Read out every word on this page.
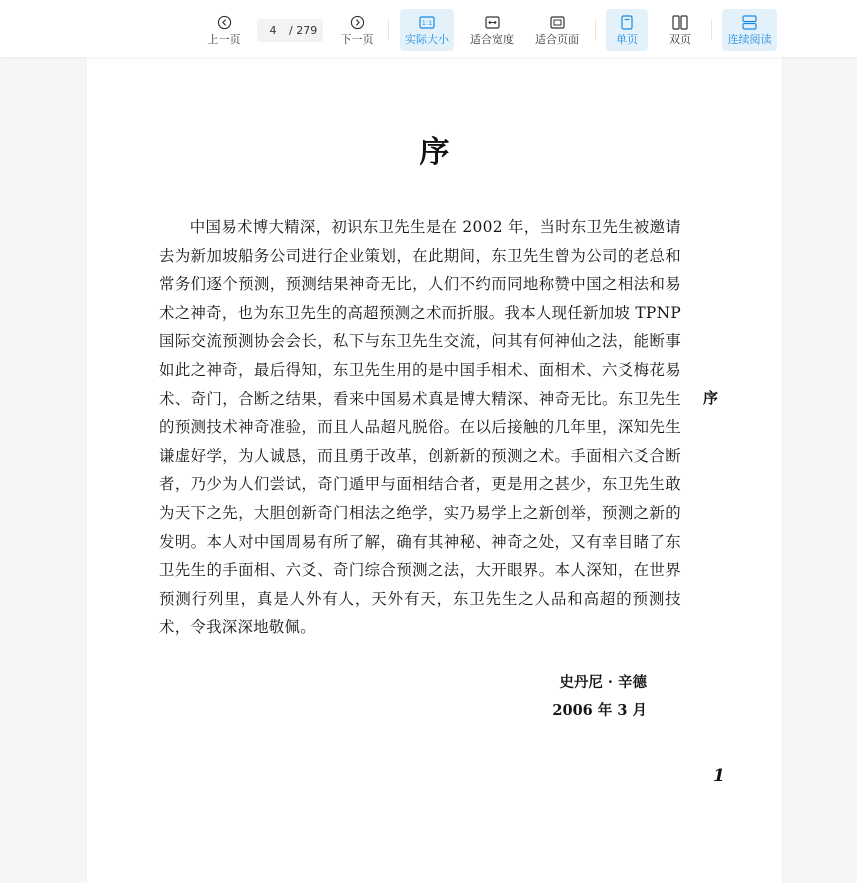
上一页
4
/ 279
下一页
1:1
实际大小 适合宽度 适合页面	单页	双页	连续阅读
序

中国易术博大精深，初识东卫先生是在 2002 年，当时东卫先生被邀请去为新加坡船务公司进行企业策划，在此期间，东卫先生曾为公司的老总和常务们逐个预测，预测结果神奇无比，人们不约而同地称赞中国之相法和易术之神奇，也为东卫先生的高超预测之术而折服。我本人现任新加坡 TPNP 国际交流预测协会会长，私下与东卫先生交流，问其有何神仙之法，能断事如此之神奇，最后得知，东卫先生用的是中国手相术、面相术、六爻梅花易术、奇门，合断之结果，看来中国易术真是博大精深、神奇无比。东卫先生的预测技术神奇准验，而且人品超凡脱俗。在以后接触的几年里，深知先生谦虚好学，为人诚恳，而且勇于改革，创新新的预测之术。手面相六爻合断者，乃少为人们尝试，奇门遁甲与面相结合者，更是用之甚少，东卫先生敢为天下之先，大胆创新奇门相法之绝学，实乃易学上之新创举，预测之新的发明。本人对中国周易有所了解，确有其神秘、神奇之处，又有幸目睹了东卫先生的手面相、六爻、奇门综合预测之法，大开眼界。本人深知，在世界预测行列里，真是人外有人，天外有天，东卫先生之人品和高超的预测技术，令我深深地敬佩。

序
史丹尼 · 辛德
2006 年 3 月
1
